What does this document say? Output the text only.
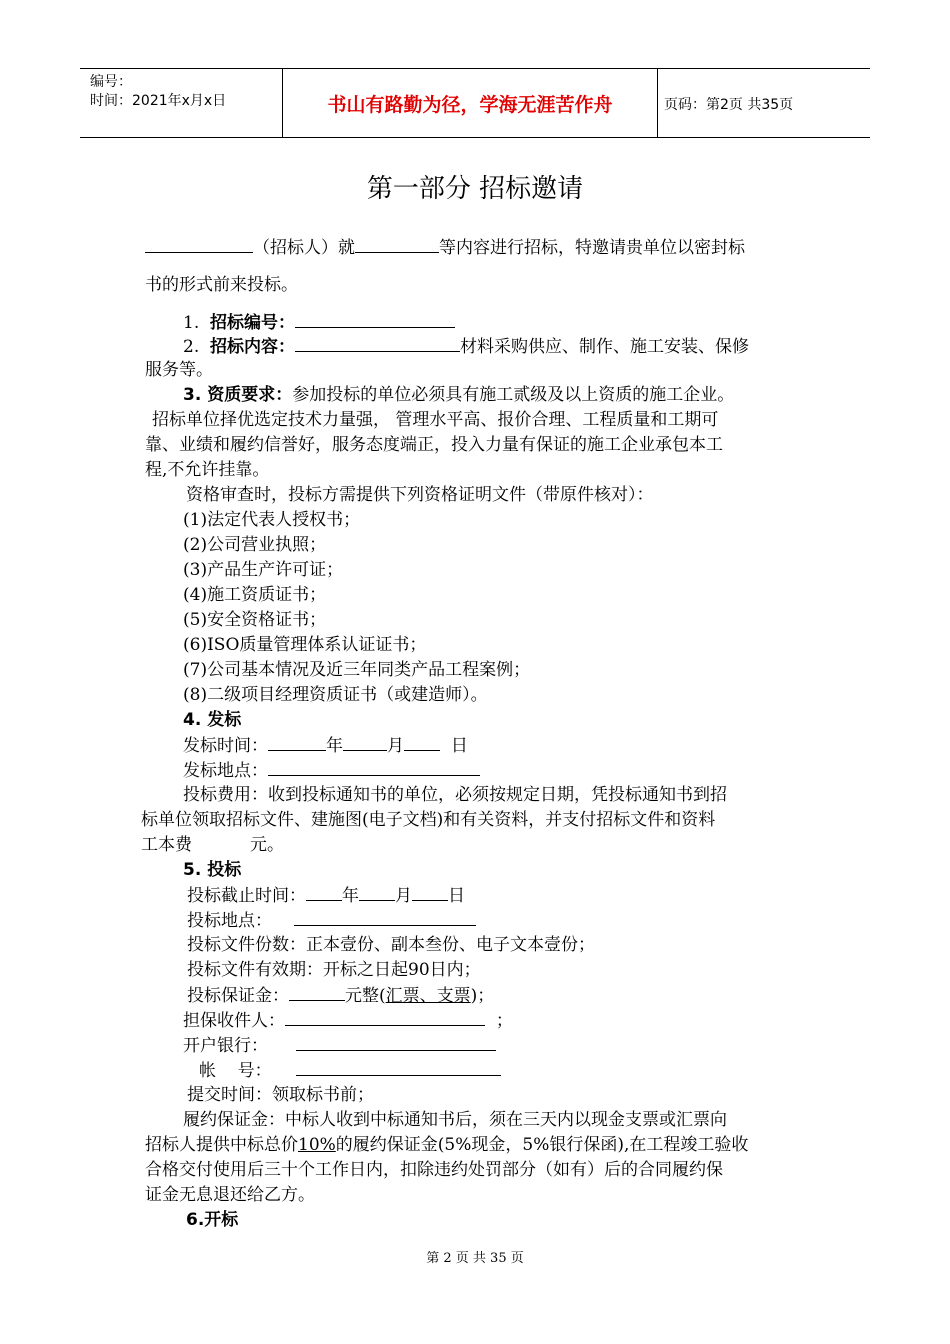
编号：
时间：2021年x月x日	书山有路勤为径，学海无涯苦作舟	页码：第2页 共35页
第一部分 招标邀请
（招标人）就	等内容进行招标，特邀请贵单位以密封标
书的形式前来投标。
1. 招标编号：
2. 招标内容：	材料采购供应、制作、施工安装、保修
服务等。
3. 资质要求：参加投标的单位必须具有施工贰级及以上资质的施工企业。
招标单位择优选定技术力量强， 管理水平高、报价合理、工程质量和工期可
靠、业绩和履约信誉好，服务态度端正，投入力量有保证的施工企业承包本工
程,不允许挂靠。
资格审查时，投标方需提供下列资格证明文件（带原件核对）：
(1)法定代表人授权书；
(2)公司营业执照；
(3)产品生产许可证；
(4)施工资质证书；
(5)安全资格证书；
(6)ISO质量管理体系认证证书；
(7)公司基本情况及近三年同类产品工程案例；
(8)二级项目经理资质证书（或建造师）。
4. 发标
发标时间：	年	月	日
发标地点：
投标费用：收到投标通知书的单位，必须按规定日期，凭投标通知书到招
标单位领取招标文件、建施图(电子文档)和有关资料，并支付招标文件和资料
工本费	元。
5. 投标
投标截止时间： 年 月 日
投标地点：
投标文件份数：正本壹份、副本叁份、电子文本壹份；
投标文件有效期：开标之日起90日内；
投标保证金：	元整(汇票、支票)；
担保收件人：	；
开户银行：
帐    号：
提交时间：领取标书前；
履约保证金：中标人收到中标通知书后，须在三天内以现金支票或汇票向
招标人提供中标总价10%的履约保证金(5%现金，5%银行保函),在工程竣工验收
合格交付使用后三十个工作日内，扣除违约处罚部分（如有）后的合同履约保
证金无息退还给乙方。
6.开标
第 2 页 共 35 页
